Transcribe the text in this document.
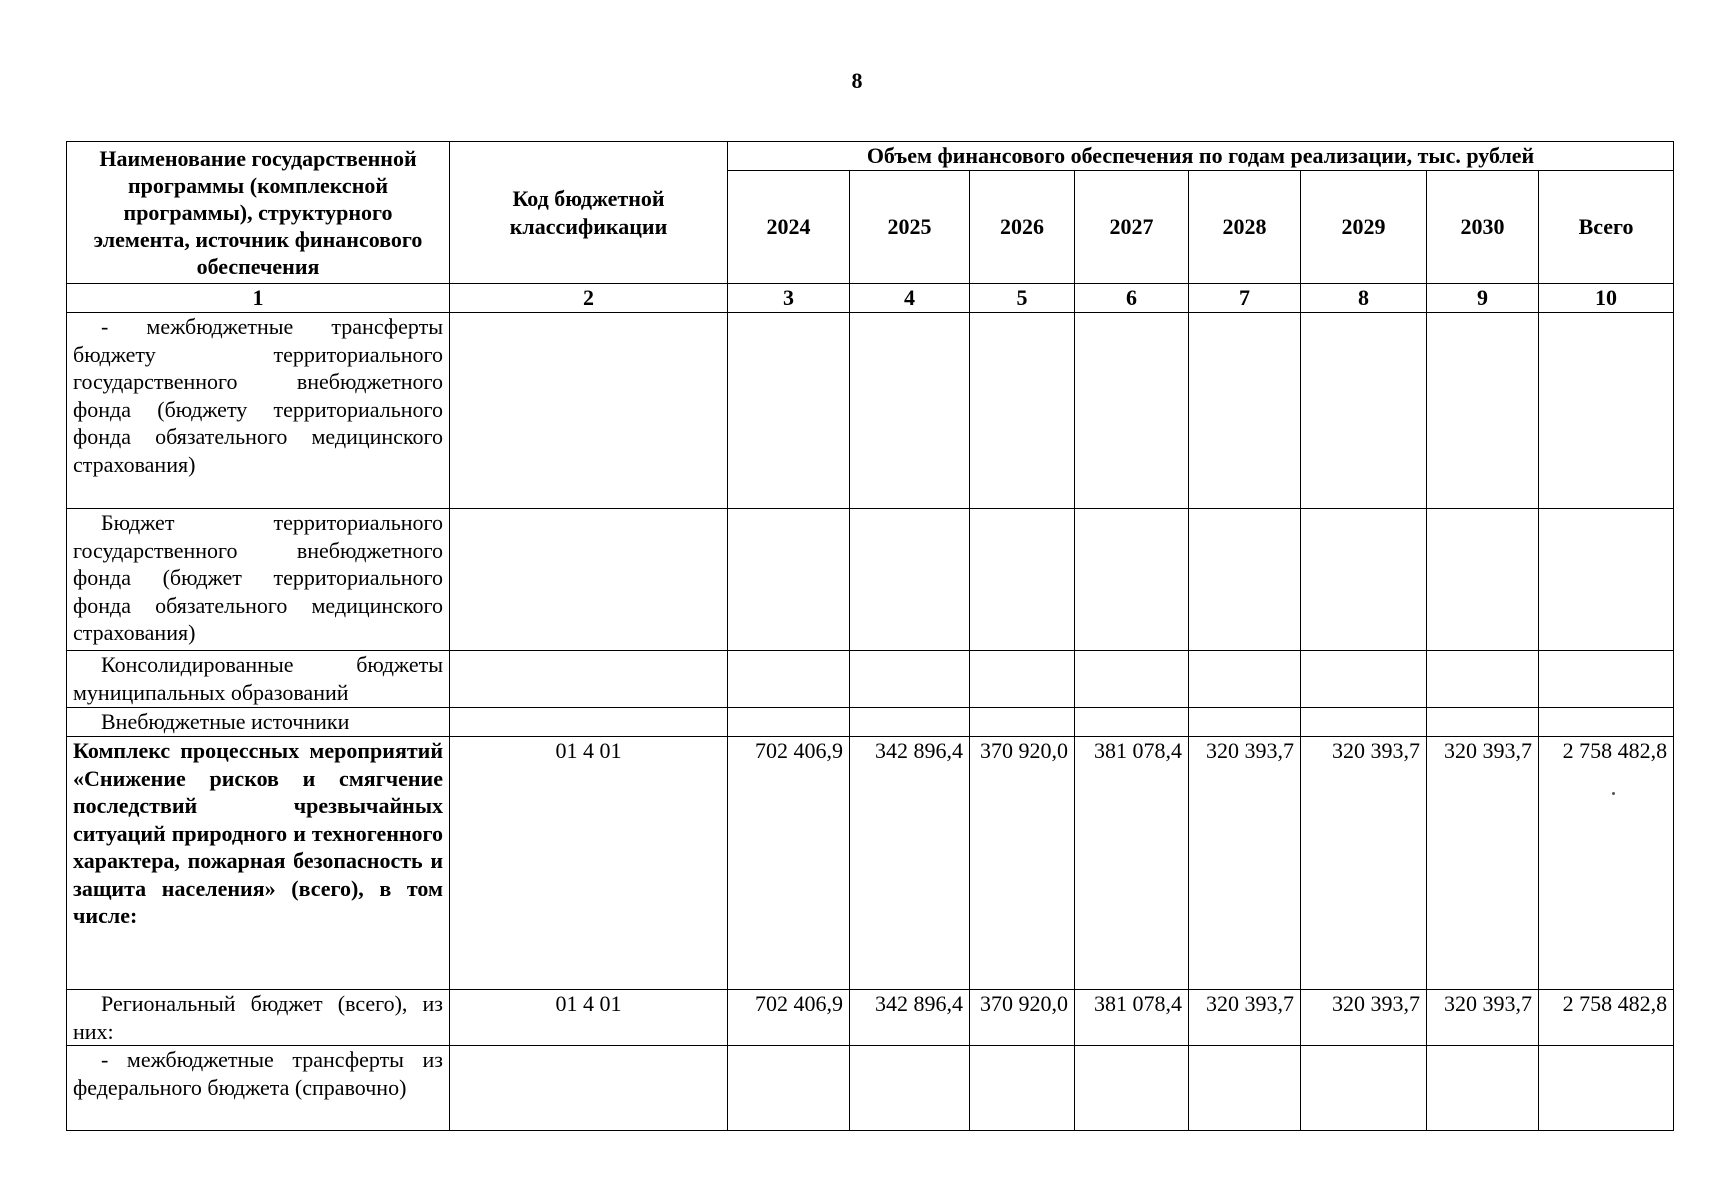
8
Наименование государственной программы (комплексной программы), структурного элемента, источник финансового обеспечения	Код бюджетной классификации	Объем финансового обеспечения по годам реализации, тыс. рублей							
		2024	2025	2026	2027	2028	2029	2030	Всего
1	2	3	4	5	6	7	8	9	10
- межбюджетные трансферты бюджету территориального государственного внебюджетного фонда (бюджету территориального фонда обязательного медицинского страхования)									
Бюджет территориального государственного внебюджетного фонда (бюджет территориального фонда обязательного медицинского страхования)									
Консолидированные бюджеты муниципальных образований									
Внебюджетные источники									
Комплекс процессных мероприятий «Снижение рисков и смягчение последствий чрезвычайных ситуаций природного и техногенного характера, пожарная безопасность и защита населения» (всего), в том числе:	01 4 01	702 406,9	342 896,4	370 920,0	381 078,4	320 393,7	320 393,7	320 393,7	2 758 482,8
Региональный бюджет (всего), из них:	01 4 01	702 406,9	342 896,4	370 920,0	381 078,4	320 393,7	320 393,7	320 393,7	2 758 482,8
- межбюджетные трансферты из федерального бюджета (справочно)									
